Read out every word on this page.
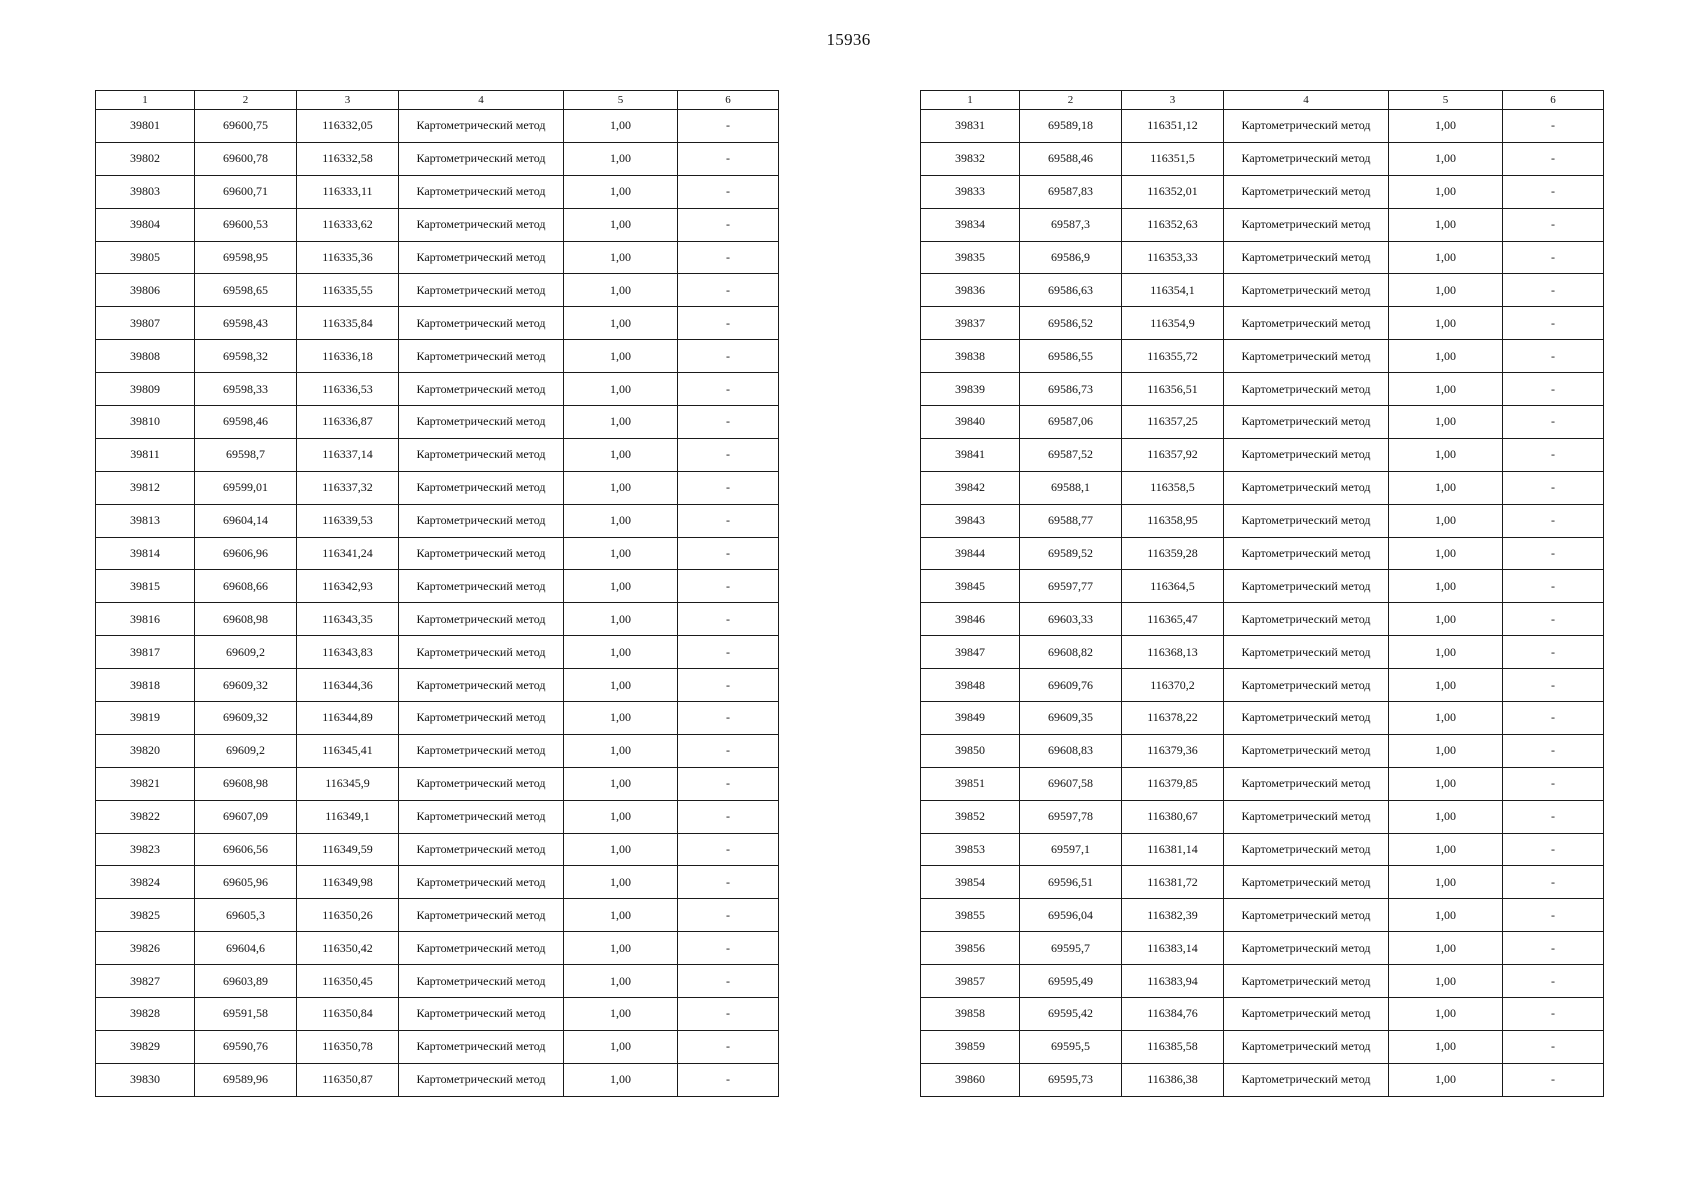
15936
1	2	3	4	5	6
39801	69600,75	116332,05	Картометрический метод	1,00	-
39802	69600,78	116332,58	Картометрический метод	1,00	-
39803	69600,71	116333,11	Картометрический метод	1,00	-
39804	69600,53	116333,62	Картометрический метод	1,00	-
39805	69598,95	116335,36	Картометрический метод	1,00	-
39806	69598,65	116335,55	Картометрический метод	1,00	-
39807	69598,43	116335,84	Картометрический метод	1,00	-
39808	69598,32	116336,18	Картометрический метод	1,00	-
39809	69598,33	116336,53	Картометрический метод	1,00	-
39810	69598,46	116336,87	Картометрический метод	1,00	-
39811	69598,7	116337,14	Картометрический метод	1,00	-
39812	69599,01	116337,32	Картометрический метод	1,00	-
39813	69604,14	116339,53	Картометрический метод	1,00	-
39814	69606,96	116341,24	Картометрический метод	1,00	-
39815	69608,66	116342,93	Картометрический метод	1,00	-
39816	69608,98	116343,35	Картометрический метод	1,00	-
39817	69609,2	116343,83	Картометрический метод	1,00	-
39818	69609,32	116344,36	Картометрический метод	1,00	-
39819	69609,32	116344,89	Картометрический метод	1,00	-
39820	69609,2	116345,41	Картометрический метод	1,00	-
39821	69608,98	116345,9	Картометрический метод	1,00	-
39822	69607,09	116349,1	Картометрический метод	1,00	-
39823	69606,56	116349,59	Картометрический метод	1,00	-
39824	69605,96	116349,98	Картометрический метод	1,00	-
39825	69605,3	116350,26	Картометрический метод	1,00	-
39826	69604,6	116350,42	Картометрический метод	1,00	-
39827	69603,89	116350,45	Картометрический метод	1,00	-
39828	69591,58	116350,84	Картометрический метод	1,00	-
39829	69590,76	116350,78	Картометрический метод	1,00	-
39830	69589,96	116350,87	Картометрический метод	1,00	-
1	2	3	4	5	6
39831	69589,18	116351,12	Картометрический метод	1,00	-
39832	69588,46	116351,5	Картометрический метод	1,00	-
39833	69587,83	116352,01	Картометрический метод	1,00	-
39834	69587,3	116352,63	Картометрический метод	1,00	-
39835	69586,9	116353,33	Картометрический метод	1,00	-
39836	69586,63	116354,1	Картометрический метод	1,00	-
39837	69586,52	116354,9	Картометрический метод	1,00	-
39838	69586,55	116355,72	Картометрический метод	1,00	-
39839	69586,73	116356,51	Картометрический метод	1,00	-
39840	69587,06	116357,25	Картометрический метод	1,00	-
39841	69587,52	116357,92	Картометрический метод	1,00	-
39842	69588,1	116358,5	Картометрический метод	1,00	-
39843	69588,77	116358,95	Картометрический метод	1,00	-
39844	69589,52	116359,28	Картометрический метод	1,00	-
39845	69597,77	116364,5	Картометрический метод	1,00	-
39846	69603,33	116365,47	Картометрический метод	1,00	-
39847	69608,82	116368,13	Картометрический метод	1,00	-
39848	69609,76	116370,2	Картометрический метод	1,00	-
39849	69609,35	116378,22	Картометрический метод	1,00	-
39850	69608,83	116379,36	Картометрический метод	1,00	-
39851	69607,58	116379,85	Картометрический метод	1,00	-
39852	69597,78	116380,67	Картометрический метод	1,00	-
39853	69597,1	116381,14	Картометрический метод	1,00	-
39854	69596,51	116381,72	Картометрический метод	1,00	-
39855	69596,04	116382,39	Картометрический метод	1,00	-
39856	69595,7	116383,14	Картометрический метод	1,00	-
39857	69595,49	116383,94	Картометрический метод	1,00	-
39858	69595,42	116384,76	Картометрический метод	1,00	-
39859	69595,5	116385,58	Картометрический метод	1,00	-
39860	69595,73	116386,38	Картометрический метод	1,00	-
